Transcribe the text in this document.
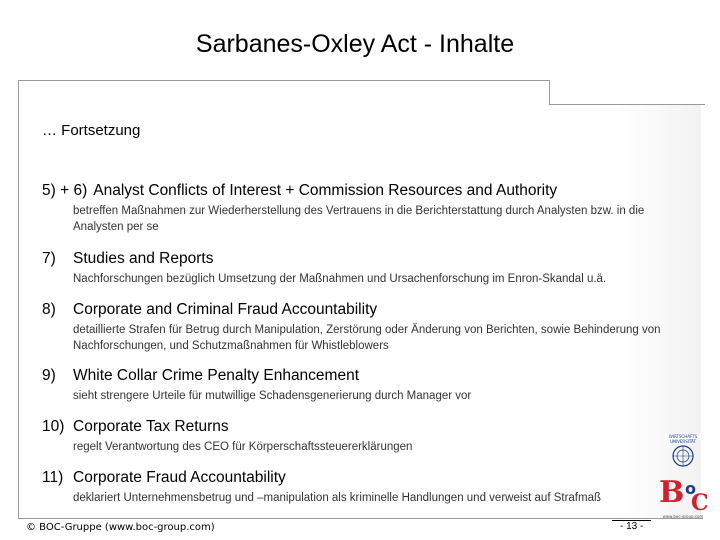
Sarbanes-Oxley Act - Inhalte
… Fortsetzung
5) + 6) Analyst Conflicts of Interest + Commission Resources and Authority
betreffen Maßnahmen zur Wiederherstellung des Vertrauens in die Berichterstattung durch Analysten bzw. in die Analysten per se
7)	Studies and Reports
Nachforschungen bezüglich Umsetzung der Maßnahmen und Ursachenforschung im Enron-Skandal u.ä.
8)	Corporate and Criminal Fraud Accountability
detaillierte Strafen für Betrug durch Manipulation, Zerstörung oder Änderung von Berichten, sowie Behinderung von Nachforschungen, und Schutzmaßnahmen für Whistleblowers
9)	White Collar Crime Penalty Enhancement
sieht strengere Urteile für mutwillige Schadensgenerierung durch Manager vor
10) Corporate Tax Returns
regelt Verantwortung des CEO für Körperschaftssteuererklärungen
11) Corporate Fraud Accountability
deklariert Unternehmensbetrug und –manipulation als kriminelle Handlungen und verweist auf Strafmaß
WIRTSCHAFTS
UNIVERSITÄT
B o
C
www.boc-group.com
© BOC-Gruppe (www.boc-group.com)	- 13 -
